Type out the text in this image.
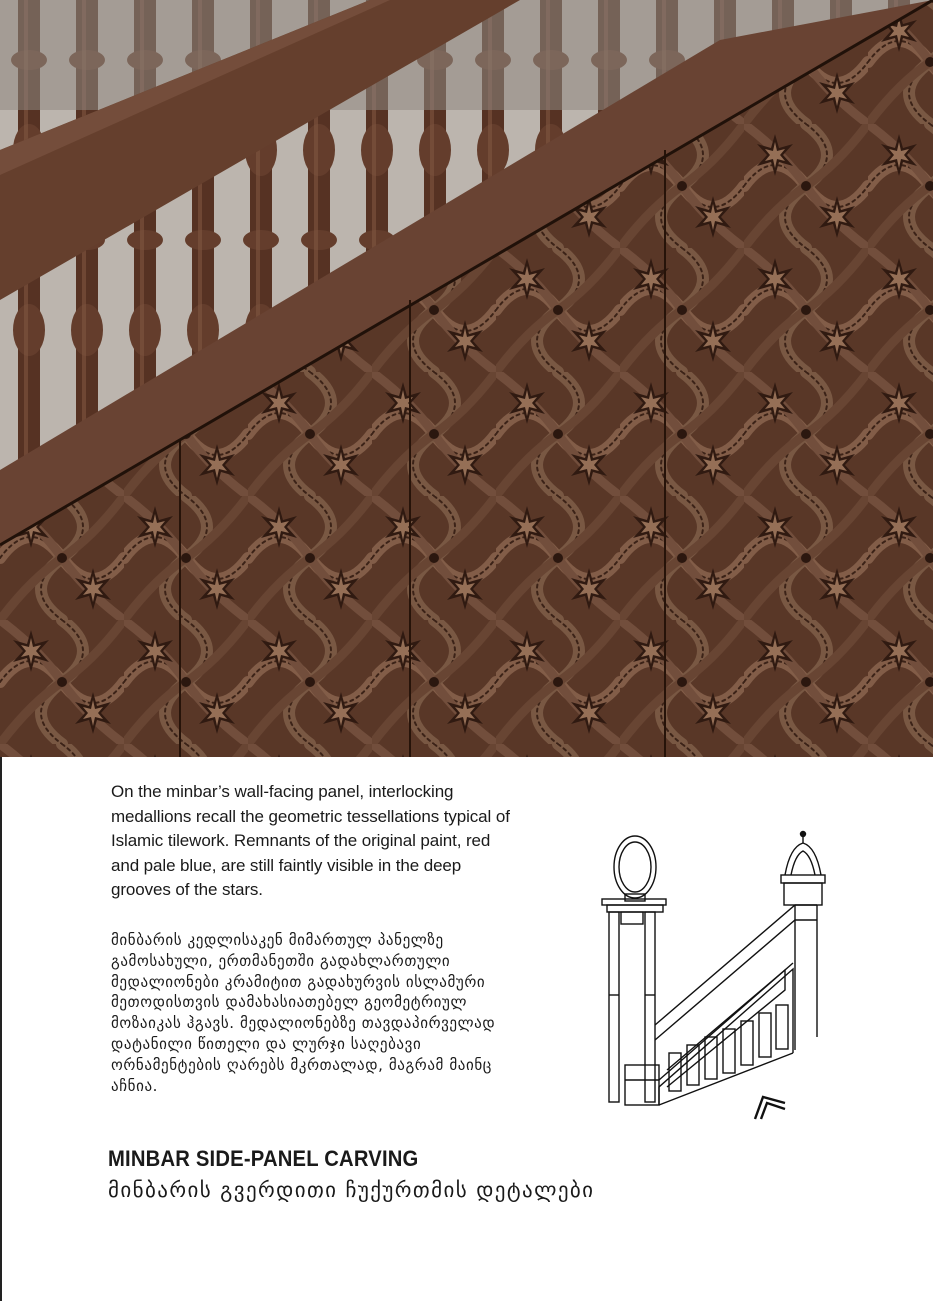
On the minbar’s wall-facing panel, interlocking medallions recall the geometric tessellations typical of Islamic tilework. Remnants of the original paint, red and pale blue, are still faintly visible in the deep grooves of the stars.

მინბარის კედლისაკენ მიმართულ პანელზე გამოსახული, ერთმანეთში გადახლართული მედალიონები კრამიტით გადახურვის ისლამური მეთოდისთვის დამახასიათებელ გეომეტრიულ მოზაიკას ჰგავს. მედალიონებზე თავდაპირველად დატანილი წითელი და ლურჯი საღებავი ორნამენტების ღარებს მკრთალად, მაგრამ მაინც აჩნია.

MINBAR SIDE-PANEL CARVING
მინბარის გვერდითი ჩუქურთმის დეტალები
